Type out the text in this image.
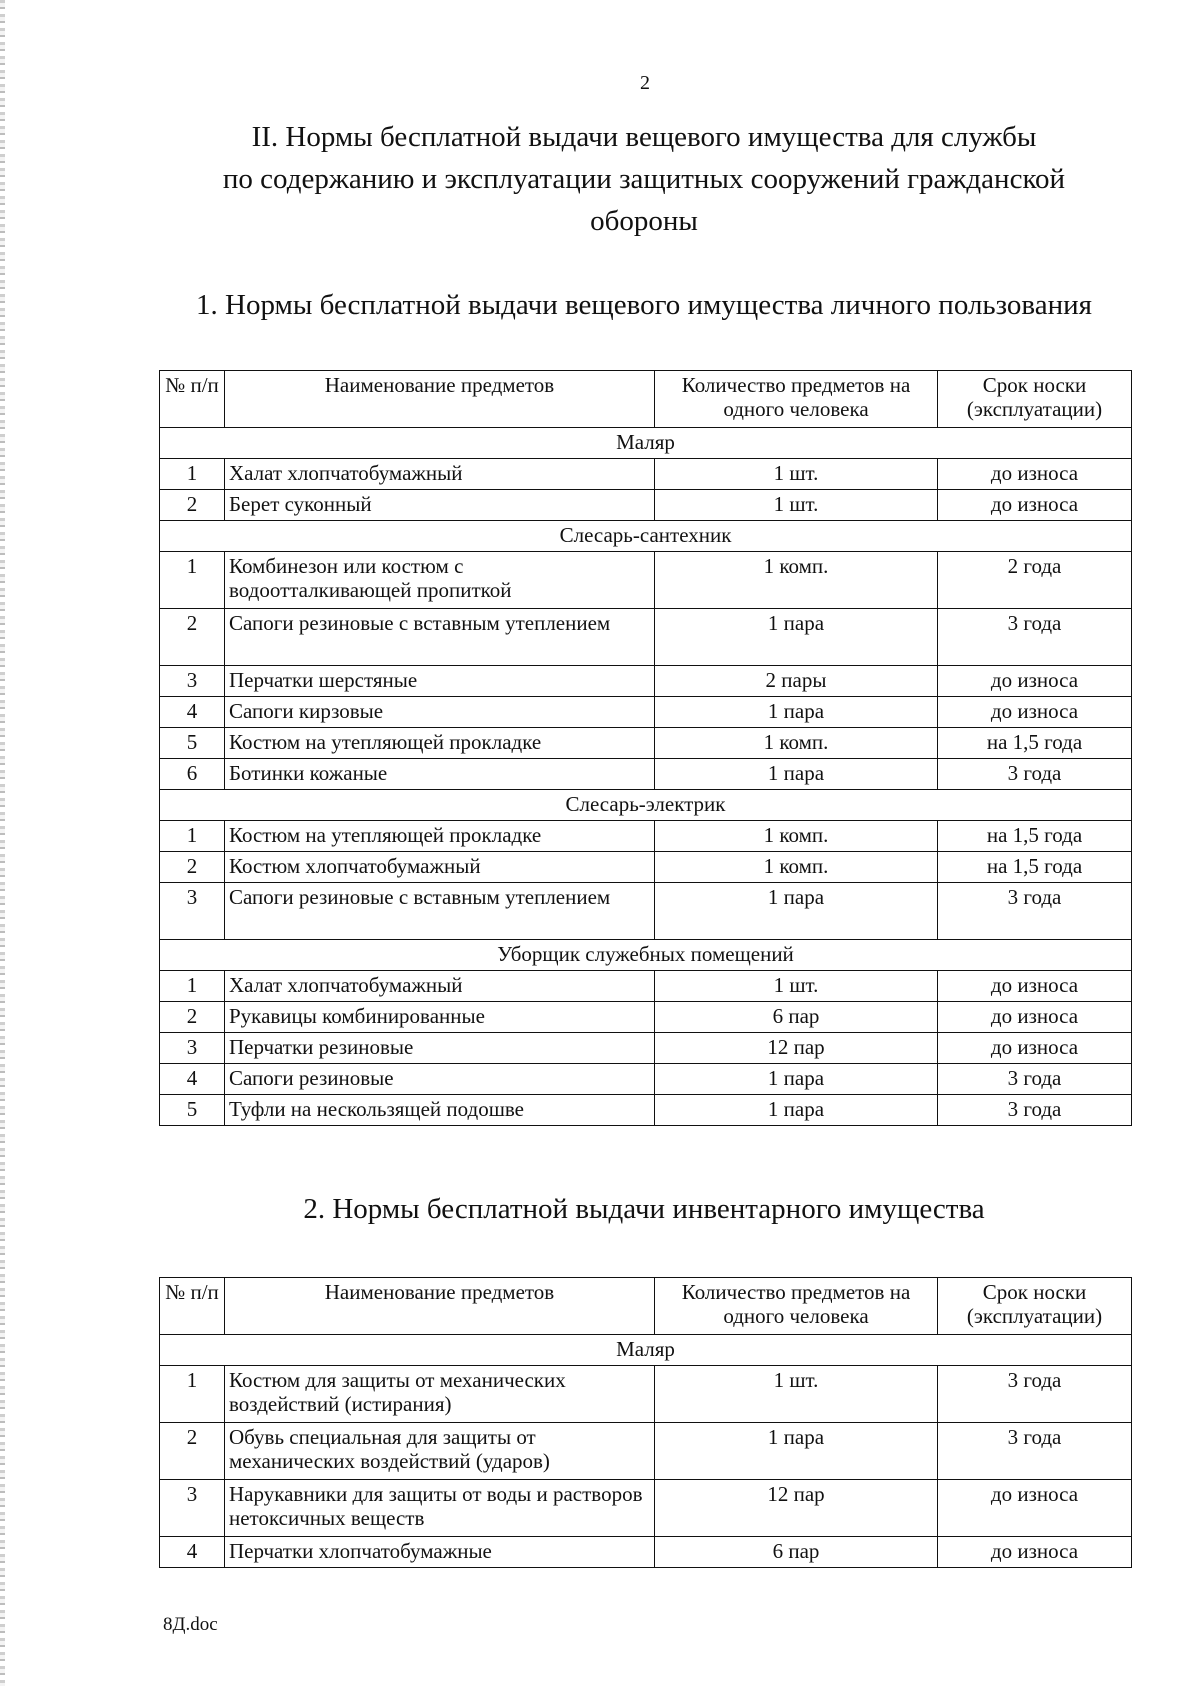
2
II. Нормы бесплатной выдачи вещевого имущества для службы
по содержанию и эксплуатации защитных сооружений гражданской
обороны
1. Нормы бесплатной выдачи вещевого имущества личного пользования
№ п/п	Наименование предметов	Количество предметов на одного человека	Срок носки (эксплуатации)
Маляр			
1	Халат хлопчатобумажный	1 шт.	до износа
2	Берет суконный	1 шт.	до износа
Слесарь-сантехник			
1	Комбинезон или костюм с водоотталкивающей пропиткой	1 комп.	2 года
2	Сапоги резиновые с вставным утеплением	1 пара	3 года
3	Перчатки шерстяные	2 пары	до износа
4	Сапоги кирзовые	1 пара	до износа
5	Костюм на утепляющей прокладке	1 комп.	на 1,5 года
6	Ботинки кожаные	1 пара	3 года
Слесарь-электрик			
1	Костюм на утепляющей прокладке	1 комп.	на 1,5 года
2	Костюм хлопчатобумажный	1 комп.	на 1,5 года
3	Сапоги резиновые с вставным утеплением	1 пара	3 года
Уборщик служебных помещений			
1	Халат хлопчатобумажный	1 шт.	до износа
2	Рукавицы комбинированные	6 пар	до износа
3	Перчатки резиновые	12 пар	до износа
4	Сапоги резиновые	1 пара	3 года
5	Туфли на нескользящей подошве	1 пара	3 года
2. Нормы бесплатной выдачи инвентарного имущества
№ п/п	Наименование предметов	Количество предметов на одного человека	Срок носки (эксплуатации)
Маляр			
1	Костюм для защиты от механических воздействий (истирания)	1 шт.	3 года
2	Обувь специальная для защиты от механических воздействий (ударов)	1 пара	3 года
3	Нарукавники для защиты от воды и растворов нетоксичных веществ	12 пар	до износа
4	Перчатки хлопчатобумажные	6 пар	до износа
8Д.doc
